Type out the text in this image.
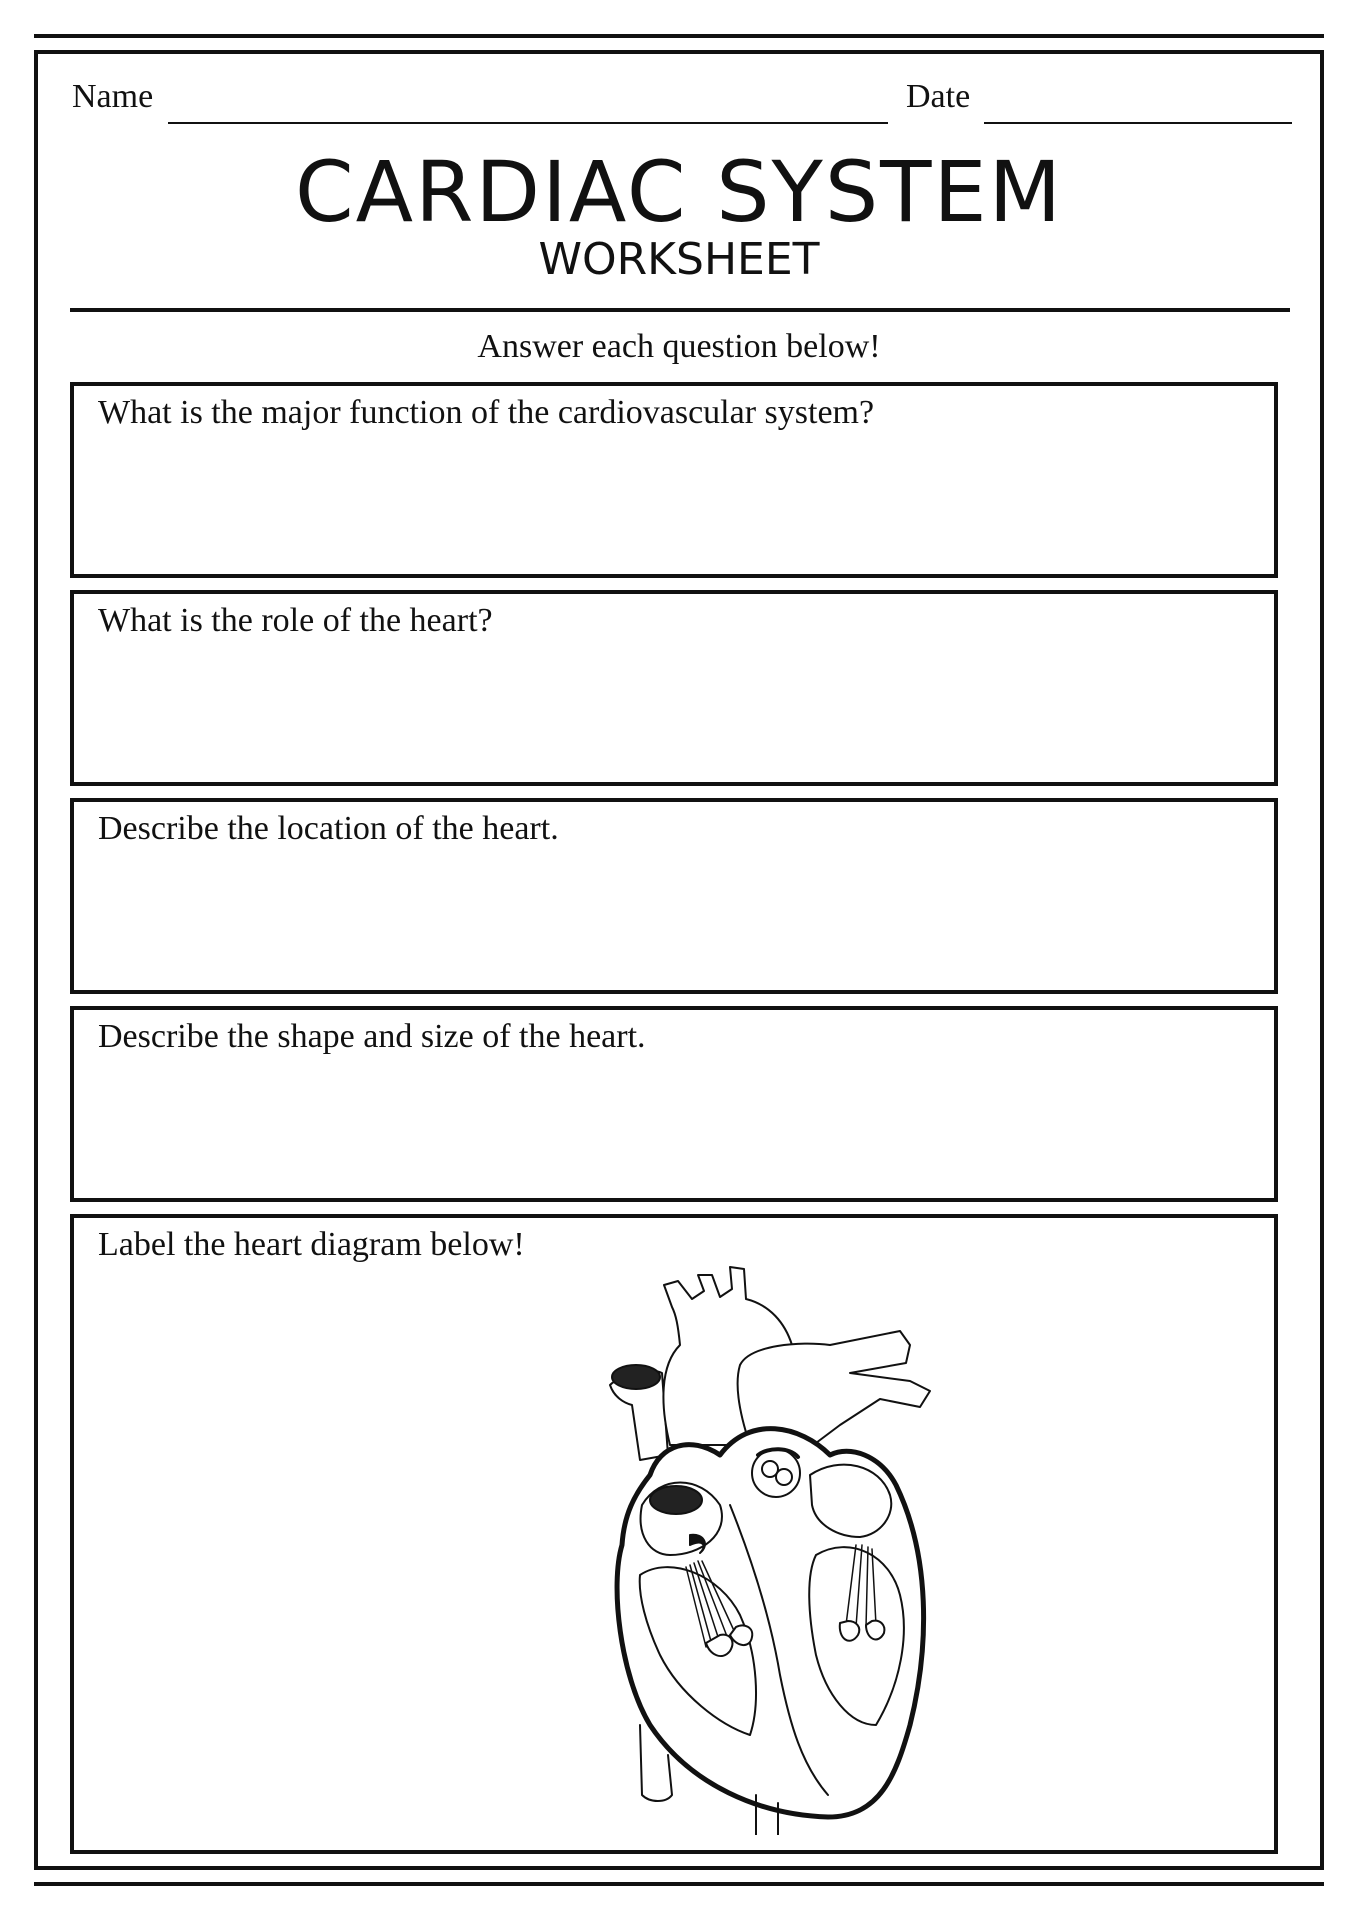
Name	Date
CARDIAC SYSTEM
WORKSHEET
Answer each question below!
What is the major function of the cardiovascular system?
What is the role of the heart?
Describe the location of the heart.
Describe the shape and size of the heart.
Label the heart diagram below!
